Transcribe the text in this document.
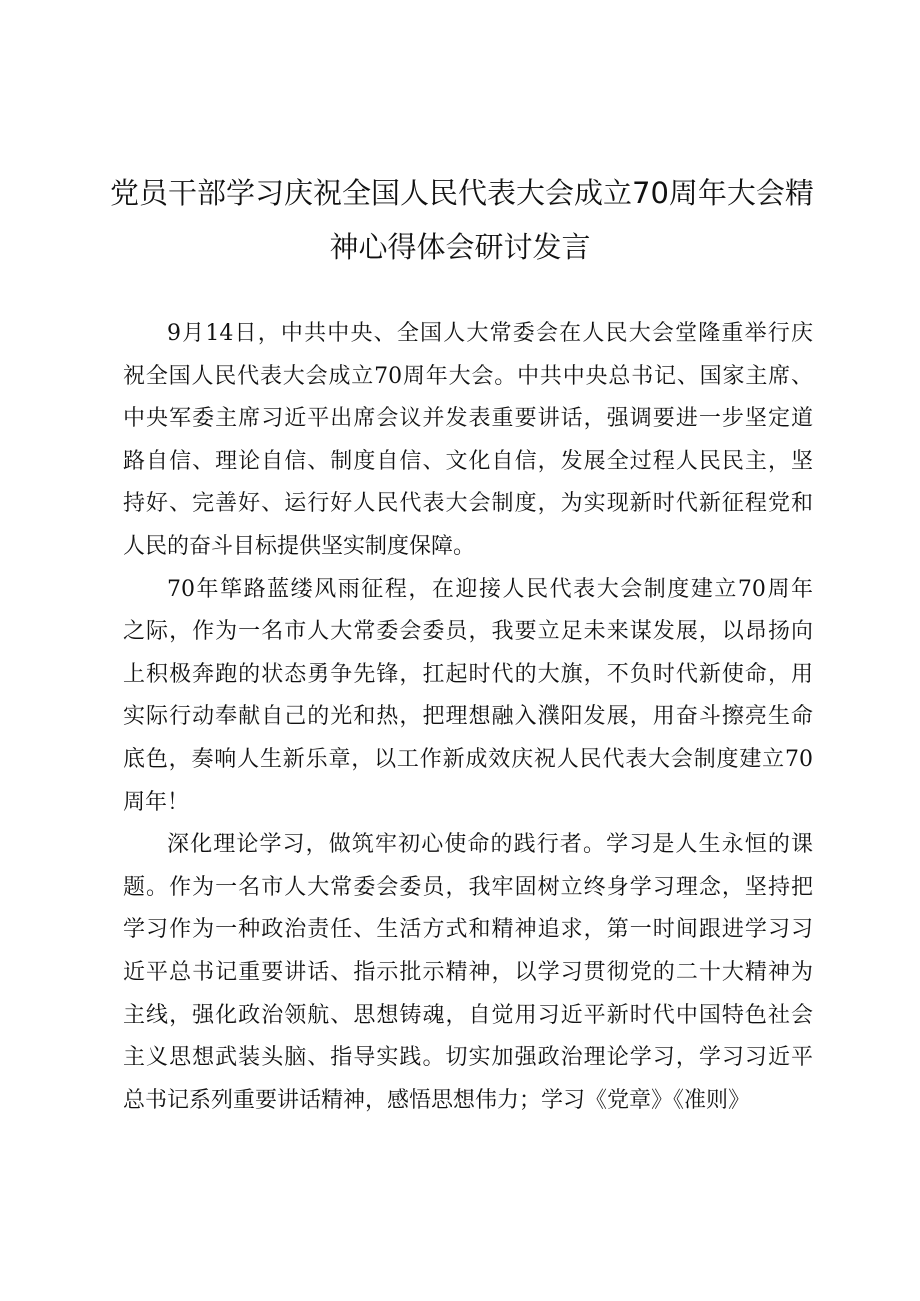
党员干部学习庆祝全国人民代表大会成立70周年大会精
神心得体会研讨发言
9月14日，中共中央、全国人大常委会在人民大会堂隆重举行庆
祝全国人民代表大会成立70周年大会。中共中央总书记、国家主席、
中央军委主席习近平出席会议并发表重要讲话，强调要进一步坚定道
路自信、理论自信、制度自信、文化自信，发展全过程人民民主，坚
持好、完善好、运行好人民代表大会制度，为实现新时代新征程党和
人民的奋斗目标提供坚实制度保障。
70年筚路蓝缕风雨征程，在迎接人民代表大会制度建立70周年
之际，作为一名市人大常委会委员，我要立足未来谋发展，以昂扬向
上积极奔跑的状态勇争先锋，扛起时代的大旗，不负时代新使命，用
实际行动奉献自己的光和热，把理想融入濮阳发展，用奋斗擦亮生命
底色，奏响人生新乐章，以工作新成效庆祝人民代表大会制度建立70
周年！
深化理论学习，做筑牢初心使命的践行者。学习是人生永恒的课
题。作为一名市人大常委会委员，我牢固树立终身学习理念，坚持把
学习作为一种政治责任、生活方式和精神追求，第一时间跟进学习习
近平总书记重要讲话、指示批示精神，以学习贯彻党的二十大精神为
主线，强化政治领航、思想铸魂，自觉用习近平新时代中国特色社会
主义思想武装头脑、指导实践。切实加强政治理论学习，学习习近平
总书记系列重要讲话精神，感悟思想伟力；学习《党章》《准则》
